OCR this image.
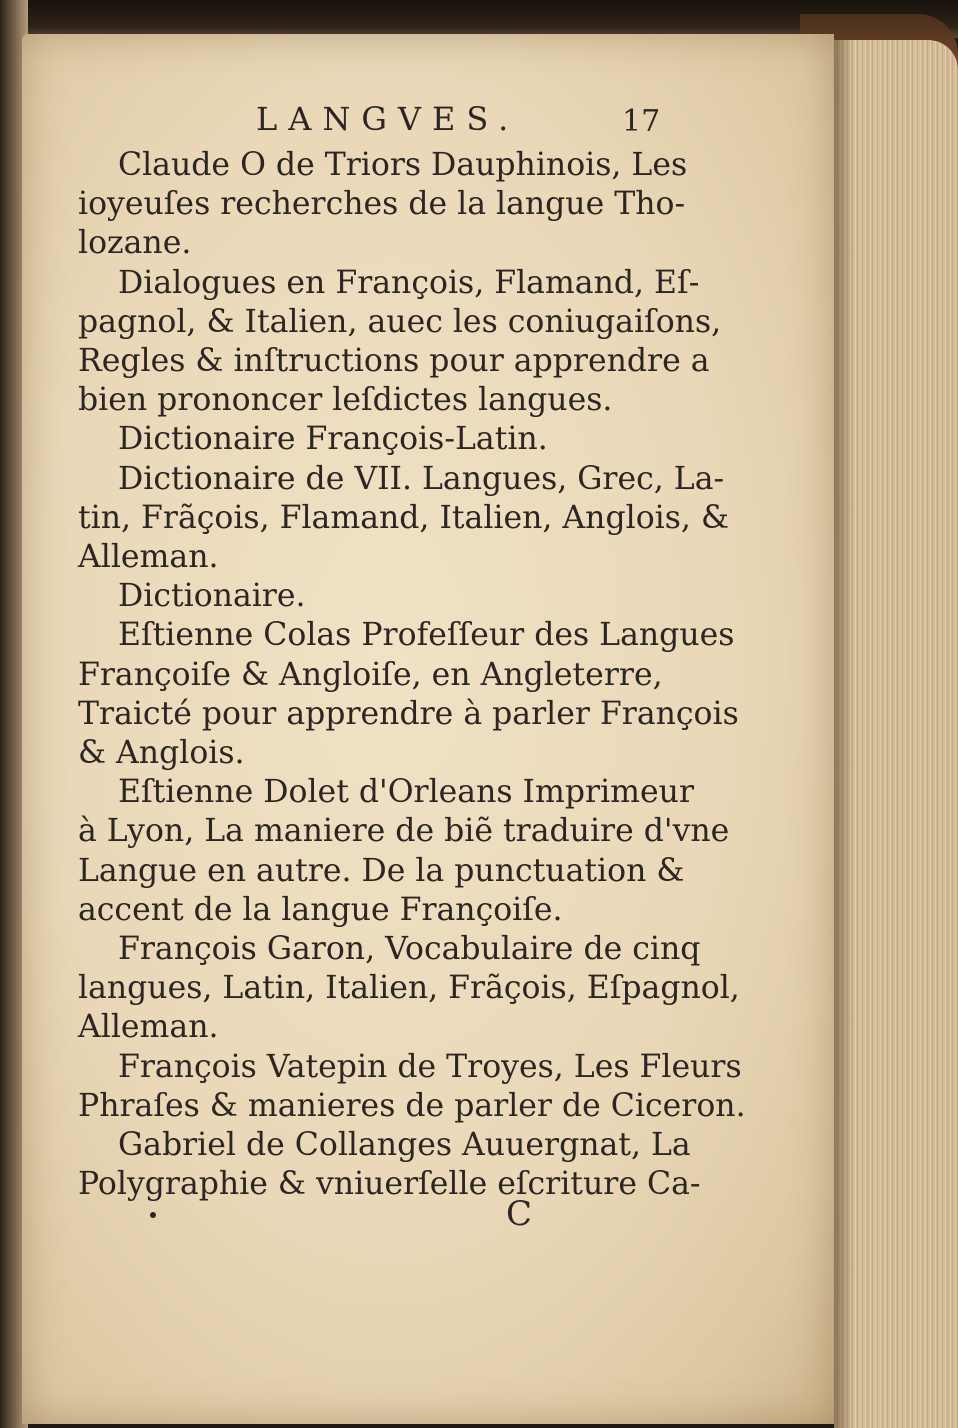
LANGVES.	17
Claude O de Triors Dauphinois, Les
ioyeuſes recherches de la langue Tho-
lozane.
Dialogues en François, Flamand, Eſ-
pagnol, & Italien, auec les coniugaiſons,
Regles & inſtructions pour apprendre a
bien prononcer leſdictes langues.
Dictionaire François-Latin.
Dictionaire de VII. Langues, Grec, La-
tin, Frãçois, Flamand, Italien, Anglois, &
Alleman.
Dictionaire.
Eſtienne Colas Profeſſeur des Langues
Françoiſe & Angloiſe, en Angleterre,
Traicté pour apprendre à parler François
& Anglois.
Eſtienne Dolet d'Orleans Imprimeur
à Lyon, La maniere de biẽ traduire d'vne
Langue en autre. De la punctuation &
accent de la langue Françoiſe.
François Garon, Vocabulaire de cinq
langues, Latin, Italien, Frãçois, Eſpagnol,
Alleman.
François Vatepin de Troyes, Les Fleurs
Phraſes & manieres de parler de Ciceron.
Gabriel de Collanges Auuergnat, La
Polygraphie & vniuerſelle eſcriture Ca-
C
